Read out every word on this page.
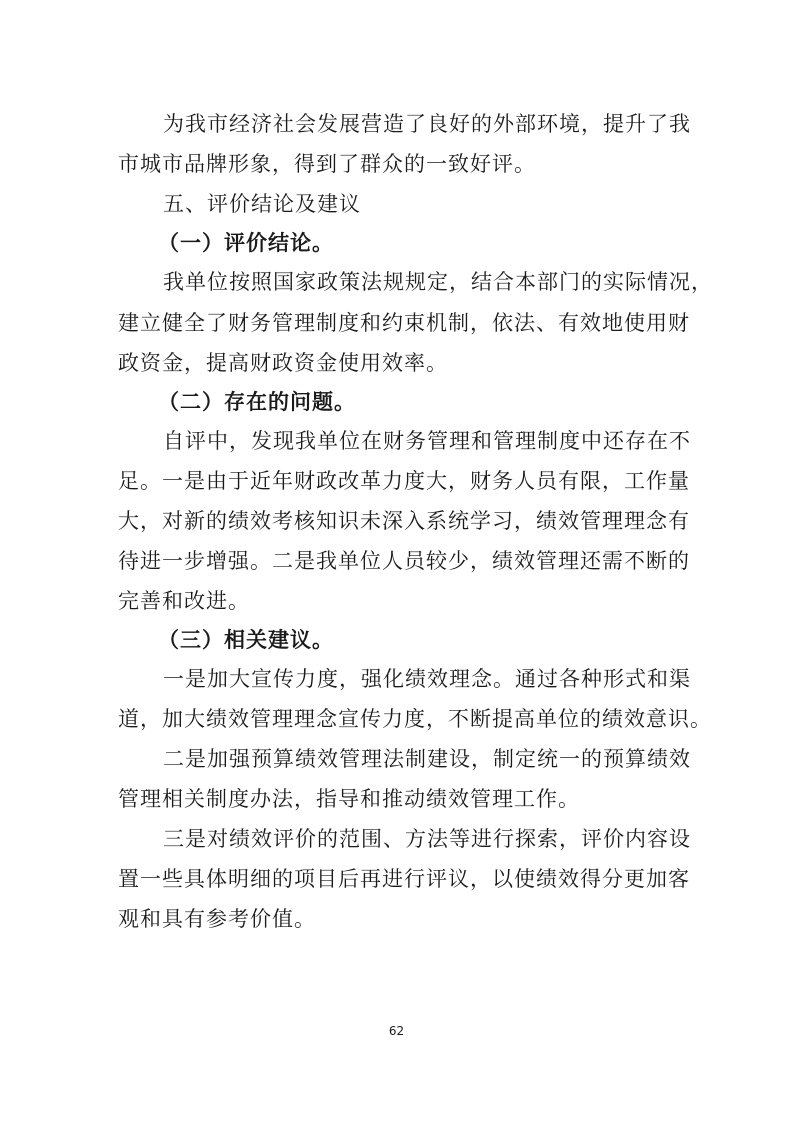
为我市经济社会发展营造了良好的外部环境，提升了我
市城市品牌形象，得到了群众的一致好评。
五、评价结论及建议
（一）评价结论。
我单位按照国家政策法规规定，结合本部门的实际情况，
建立健全了财务管理制度和约束机制，依法、有效地使用财
政资金，提高财政资金使用效率。
（二）存在的问题。
自评中，发现我单位在财务管理和管理制度中还存在不
足。一是由于近年财政改革力度大，财务人员有限，工作量
大，对新的绩效考核知识未深入系统学习，绩效管理理念有
待进一步增强。二是我单位人员较少，绩效管理还需不断的
完善和改进。
（三）相关建议。
一是加大宣传力度，强化绩效理念。通过各种形式和渠
道，加大绩效管理理念宣传力度，不断提高单位的绩效意识。
二是加强预算绩效管理法制建设，制定统一的预算绩效
管理相关制度办法，指导和推动绩效管理工作。
三是对绩效评价的范围、方法等进行探索，评价内容设
置一些具体明细的项目后再进行评议，以使绩效得分更加客
观和具有参考价值。
62
